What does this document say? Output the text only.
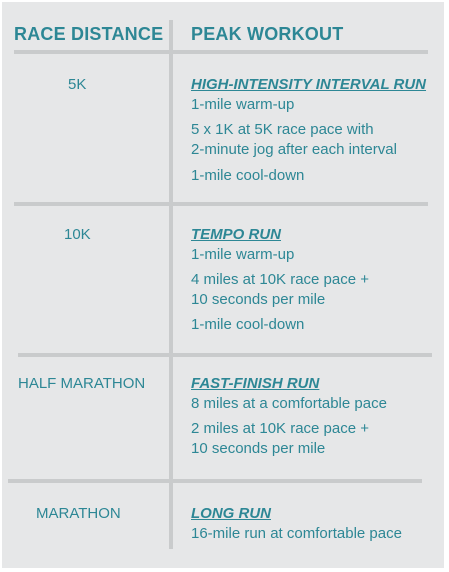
RACE DISTANCE PEAK WORKOUT
5K	HIGH-INTENSITY INTERVAL RUN
1-mile warm-up
5 x 1K at 5K race pace with
2-minute jog after each interval
1-mile cool-down
10K	TEMPO RUN
1-mile warm-up
4 miles at 10K race pace +
10 seconds per mile
1-mile cool-down
HALF MARATHON	FAST-FINISH RUN
8 miles at a comfortable pace
2 miles at 10K race pace +
10 seconds per mile
MARATHON	LONG RUN
16-mile run at comfortable pace
